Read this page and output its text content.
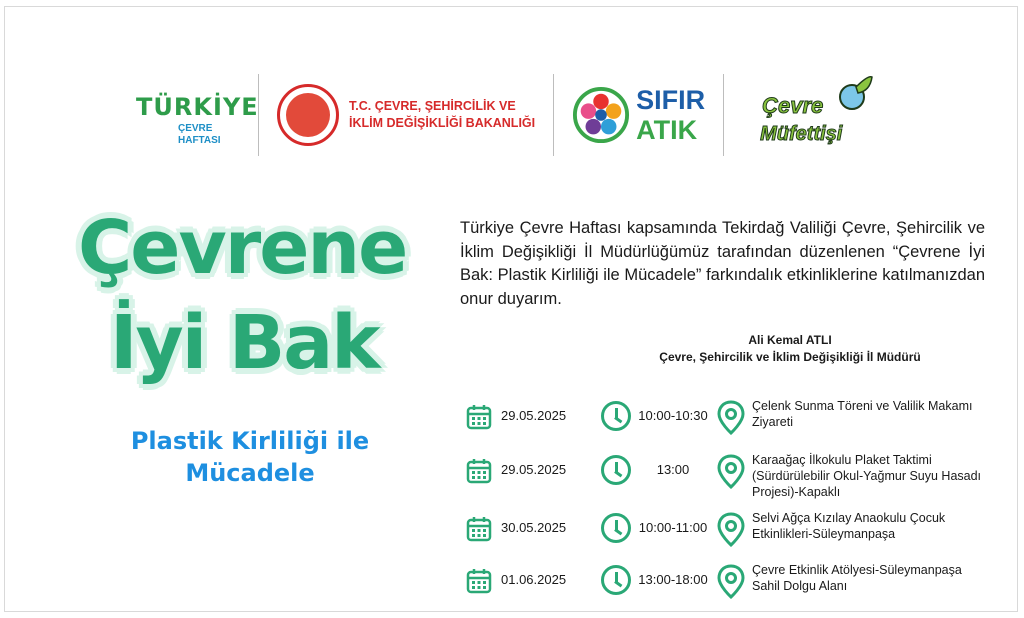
TÜRKİYE
ÇEVRE
HAFTASI
T.C. ÇEVRE, ŞEHİRCİLİK VE
İKLİM DEĞİŞİKLİĞİ BAKANLIĞI
SIFIR
ATIK
Çevre
Müfettişi
Çevrene
İyi Bak
Plastik Kirliliği ile
Mücadele
Türkiye Çevre Haftası kapsamında Tekirdağ Valiliği Çevre, Şehircilik ve İklim Değişikliği İl Müdürlüğümüz tarafından düzenlenen “Çevrene İyi Bak: Plastik Kirliliği ile Mücadele” farkındalık etkinliklerine katılmanızdan onur duyarım.
Ali Kemal ATLI
Çevre, Şehircilik ve İklim Değişikliği İl Müdürü
29.05.2025	10:00-10:30
Çelenk Sunma Töreni ve Valilik Makamı Ziyareti
29.05.2025	13:00
Karaağaç İlkokulu Plaket Taktimi (Sürdürülebilir Okul-Yağmur Suyu Hasadı Projesi)-Kapaklı
30.05.2025	10:00-11:00
Selvi Ağça Kızılay Anaokulu Çocuk Etkinlikleri-Süleymanpaşa
01.06.2025	13:00-18:00
Çevre Etkinlik Atölyesi-Süleymanpaşa Sahil Dolgu Alanı
